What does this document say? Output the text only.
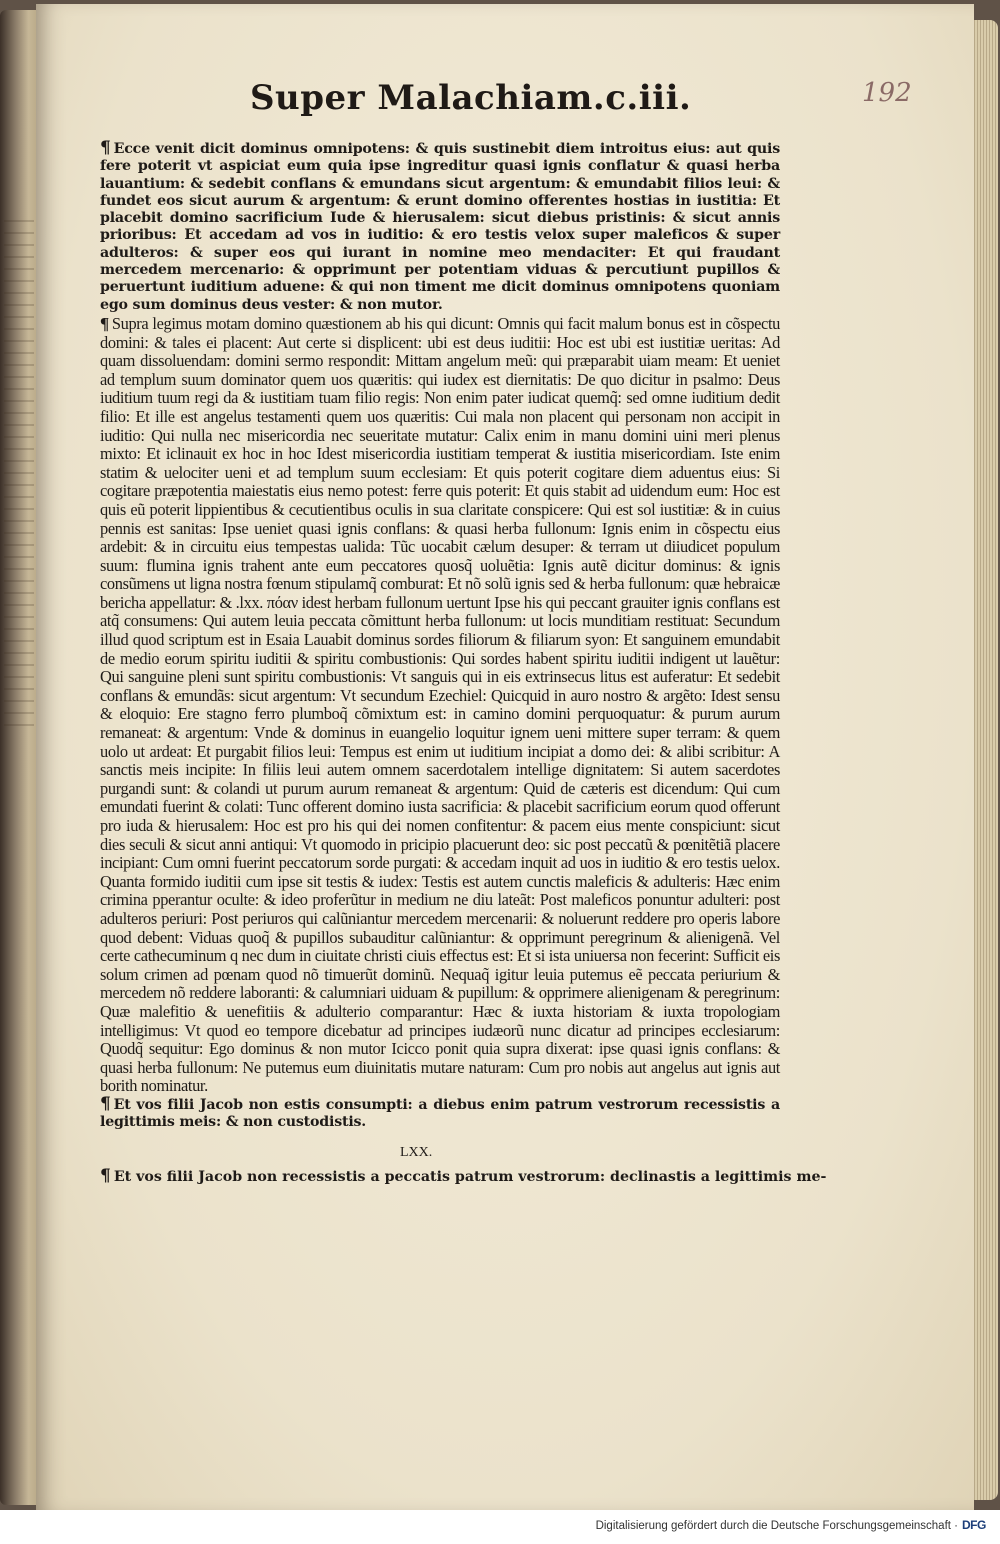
Super Malachiam.c.iii.	192

¶ Ecce venit dicit dominus omnipotens: & quis sustinebit diem introitus eius: aut quis fere poterit vt aspiciat eum quia ipse ingreditur quasi ignis conflatur & quasi herba lauantium: & sedebit conflans & emundans sicut argentum: & emundabit filios leui: & fundet eos sicut aurum & argentum: & erunt domino offerentes hostias in iustitia: Et placebit domino sacrificium Iude & hierusalem: sicut diebus pristinis: & sicut annis prioribus: Et accedam ad vos in iuditio: & ero testis velox super maleficos & super adulteros: & super eos qui iurant in nomine meo mendaciter: Et qui fraudant mercedem mercenario: & opprimunt per potentiam viduas & percutiunt pupillos & peruertunt iuditium aduene: & qui non timent me dicit dominus omnipotens quoniam ego sum dominus deus vester: & non mutor.

¶ Supra legimus motam domino quæstionem ab his qui dicunt: Omnis qui facit malum bonus est in cõspectu domini: & tales ei placent: Aut certe si displicent: ubi est deus iuditii: Hoc est ubi est iustitiæ ueritas: Ad quam dissoluendam: domini sermo respondit: Mittam angelum meũ: qui præparabit uiam meam: Et ueniet ad templum suum dominator quem uos quæritis: qui iudex est diernitatis: De quo dicitur in psalmo: Deus iuditium tuum regi da & iustitiam tuam filio regis: Non enim pater iudicat quemq̃: sed omne iuditium dedit filio: Et ille est angelus testamenti quem uos quæritis: Cui mala non placent qui personam non accipit in iuditio: Qui nulla nec misericordia nec seueritate mutatur: Calix enim in manu domini uini meri plenus mixto: Et iclinauit ex hoc in hoc Idest misericordia iustitiam temperat & iustitia misericordiam. Iste enim statim & uelociter ueni et ad templum suum ecclesiam: Et quis poterit cogitare diem aduentus eius: Si cogitare præpotentia maiestatis eius nemo potest: ferre quis poterit: Et quis stabit ad uidendum eum: Hoc est quis eũ poterit lippientibus & cecutientibus oculis in sua claritate conspicere: Qui est sol iustitiæ: & in cuius pennis est sanitas: Ipse ueniet quasi ignis conflans: & quasi herba fullonum: Ignis enim in cõspectu eius ardebit: & in circuitu eius tempestas ualida: Tũc uocabit cælum desuper: & terram ut diiudicet populum suum: flumina ignis trahent ante eum peccatores quosq̃ uoluẽtia: Ignis autẽ dicitur dominus: & ignis consũmens ut ligna nostra fœnum stipulamq̃ comburat: Et nõ solũ ignis sed & herba fullonum: quæ hebraicæ bericha appellatur: & .lxx. πόαν idest herbam fullonum uertunt Ipse his qui peccant grauiter ignis conflans est atq̃ consumens: Qui autem leuia peccata cõmittunt herba fullonum: ut locis munditiam restituat: Secundum illud quod scriptum est in Esaia Lauabit dominus sordes filiorum & filiarum syon: Et sanguinem emundabit de medio eorum spiritu iuditii & spiritu combustionis: Qui sordes habent spiritu iuditii indigent ut lauẽtur: Qui sanguine pleni sunt spiritu combustionis: Vt sanguis qui in eis extrinsecus litus est auferatur: Et sedebit conflans & emundãs: sicut argentum: Vt secundum Ezechiel: Quicquid in auro nostro & argẽto: Idest sensu & eloquio: Ere stagno ferro plumboq̃ cõmixtum est: in camino domini perquoquatur: & purum aurum remaneat: & argentum: Vnde & dominus in euangelio loquitur ignem ueni mittere super terram: & quem uolo ut ardeat: Et purgabit filios leui: Tempus est enim ut iuditium incipiat a domo dei: & alibi scribitur: A sanctis meis incipite: In filiis leui autem omnem sacerdotalem intellige dignitatem: Si autem sacerdotes purgandi sunt: & colandi ut purum aurum remaneat & argentum: Quid de cæteris est dicendum: Qui cum emundati fuerint & colati: Tunc offerent domino iusta sacrificia: & placebit sacrificium eorum quod offerunt pro iuda & hierusalem: Hoc est pro his qui dei nomen confitentur: & pacem eius mente conspiciunt: sicut dies seculi & sicut anni antiqui: Vt quomodo in pricipio placuerunt deo: sic post peccatũ & pœnitẽtiã placere incipiant: Cum omni fuerint peccatorum sorde purgati: & accedam inquit ad uos in iuditio & ero testis uelox. Quanta formido iuditii cum ipse sit testis & iudex: Testis est autem cunctis maleficis & adulteris: Hæc enim crimina pperantur oculte: & ideo proferũtur in medium ne diu lateãt: Post maleficos ponuntur adulteri: post adulteros periuri: Post periuros qui calũniantur mercedem mercenarii: & noluerunt reddere pro operis labore quod debent: Viduas quoq̃ & pupillos subauditur calũniantur: & opprimunt peregrinum & alienigenã. Vel certe cathecuminum q nec dum in ciuitate christi ciuis effectus est: Et si ista uniuersa non fecerint: Sufficit eis solum crimen ad pœnam quod nõ timuerũt dominũ. Nequaq̃ igitur leuia putemus eẽ peccata periurium & mercedem nõ reddere laboranti: & calumniari uiduam & pupillum: & opprimere alienigenam & peregrinum: Quæ malefitio & uenefitiis & adulterio comparantur: Hæc & iuxta historiam & iuxta tropologiam intelligimus: Vt quod eo tempore dicebatur ad principes iudæorũ nunc dicatur ad principes ecclesiarum: Quodq̃ sequitur: Ego dominus & non mutor Icicco ponit quia supra dixerat: ipse quasi ignis conflans: & quasi herba fullonum: Ne putemus eum diuinitatis mutare naturam: Cum pro nobis aut angelus aut ignis aut borith nominatur.

¶ Et vos filii Jacob non estis consumpti: a diebus enim patrum vestrorum recessistis a legittimis meis: & non custodistis.

LXX.
¶ Et vos filii Jacob non recessistis a peccatis patrum vestrorum: declinastis a legittimis me-
Digitalisierung gefördert durch die Deutsche Forschungsgemeinschaft · DFG
